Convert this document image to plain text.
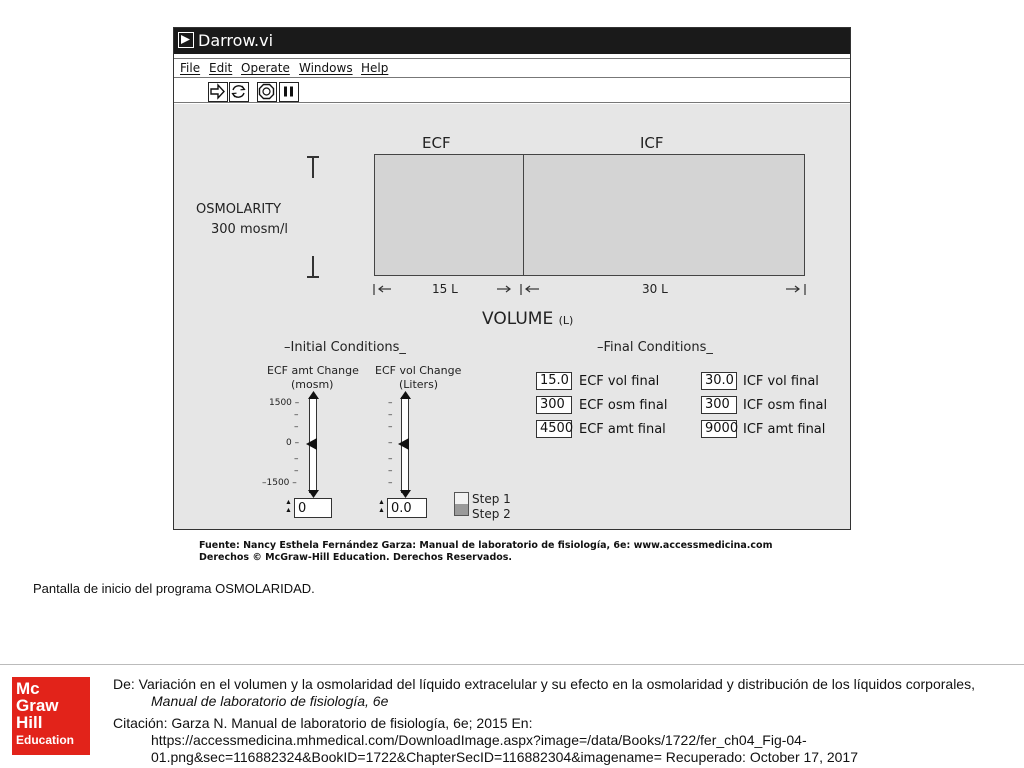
Darrow.vi
File Edit Operate Windows Help
ECF	ICF
OSMOLARITY
300 mosm/l
15 L	30 L
VOLUME (L)
–Initial Conditions_
ECF amt Change
(mosm)
ECF vol Change
(Liters)
1500 –
–
–
0 –
–
–
–1500 –
–
–
–
–
–
–
–
▲
▲ 0	▲
▲ 0.0
Step 1
Step 2
–Final Conditions_
15.0 ECF vol final
300	ECF osm final
4500 ECF amt final
30.0 ICF vol final
300	ICF osm final
9000 ICF amt final
Fuente: Nancy Esthela Fernández Garza: Manual de laboratorio de fisiología, 6e: www.accessmedicina.com
Derechos © McGraw-Hill Education. Derechos Reservados.
Pantalla de inicio del programa OSMOLARIDAD.
Mc
Graw
Hill
Education
De: Variación en el volumen y la osmolaridad del líquido extracelular y su efecto en la osmolaridad y distribución de los líquidos corporales,
Manual de laboratorio de fisiología, 6e
Citación: Garza N. Manual de laboratorio de fisiología, 6e; 2015 En:
https://accessmedicina.mhmedical.com/DownloadImage.aspx?image=/data/Books/1722/fer_ch04_Fig-04-
01.png&sec=116882324&BookID=1722&ChapterSecID=116882304&imagename= Recuperado: October 17, 2017
